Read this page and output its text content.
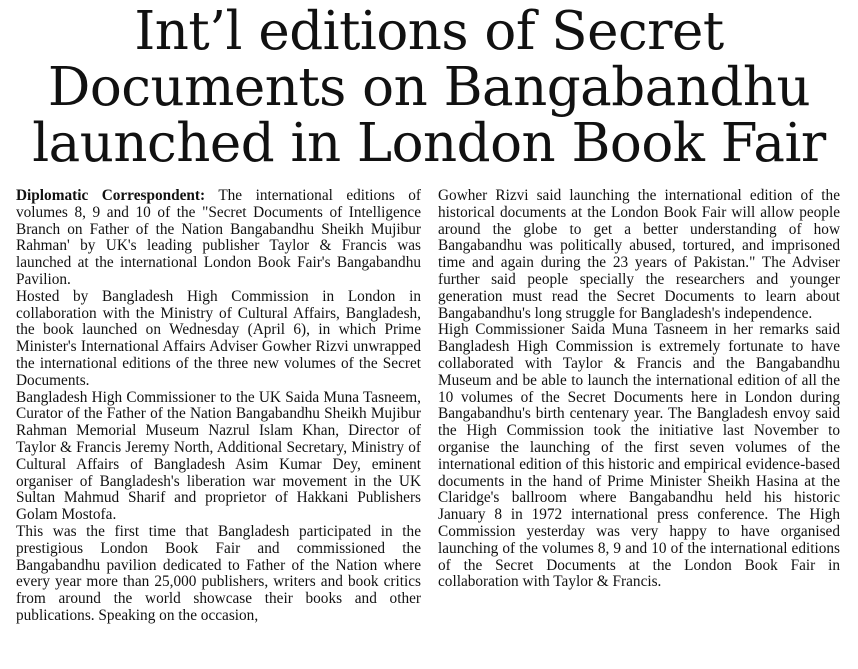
Int’l editions of Secret
Documents on Bangabandhu
launched in London Book Fair

Diplomatic Correspondent: The international editions of volumes 8, 9 and 10 of the "Secret Documents of Intelligence Branch on Father of the Nation Bangabandhu Sheikh Mujibur Rahman' by UK's leading publisher Taylor & Francis was launched at the international London Book Fair's Bangabandhu Pavilion.

Hosted by Bangladesh High Commission in London in collaboration with the Ministry of Cultural Affairs, Bangladesh, the book launched on Wednesday (April 6), in which Prime Minister's International Affairs Adviser Gowher Rizvi unwrapped the international editions of the three new volumes of the Secret Documents.

Bangladesh High Commissioner to the UK Saida Muna Tasneem, Curator of the Father of the Nation Bangabandhu Sheikh Mujibur Rahman Memorial Museum Nazrul Islam Khan, Director of Taylor & Francis Jeremy North, Additional Secretary, Ministry of Cultural Affairs of Bangladesh Asim Kumar Dey, eminent organiser of Bangladesh's liberation war movement in the UK Sultan Mahmud Sharif and proprietor of Hakkani Publishers Golam Mostofa.

This was the first time that Bangladesh participated in the prestigious London Book Fair and commissioned the Bangabandhu pavilion dedicated to Father of the Nation where every year more than 25,000 publishers, writers and book critics from around the world showcase their books and other publications. Speaking on the occasion,

Gowher Rizvi said launching the international edition of the historical documents at the London Book Fair will allow people around the globe to get a better understanding of how Bangabandhu was politically abused, tortured, and imprisoned time and again during the 23 years of Pakistan." The Adviser further said people specially the researchers and younger generation must read the Secret Documents to learn about Bangabandhu's long struggle for Bangladesh's independence.

High Commissioner Saida Muna Tasneem in her remarks said Bangladesh High Commission is extremely fortunate to have collaborated with Taylor & Francis and the Bangabandhu Museum and be able to launch the international edition of all the 10 volumes of the Secret Documents here in London during Bangabandhu's birth centenary year. The Bangladesh envoy said the High Commission took the initiative last November to organise the launching of the first seven volumes of the international edition of this historic and empirical evidence-based documents in the hand of Prime Minister Sheikh Hasina at the Claridge's ballroom where Bangabandhu held his historic January 8 in 1972 international press conference. The High Commission yesterday was very happy to have organised launching of the volumes 8, 9 and 10 of the international editions of the Secret Documents at the London Book Fair in collaboration with Taylor & Francis.
